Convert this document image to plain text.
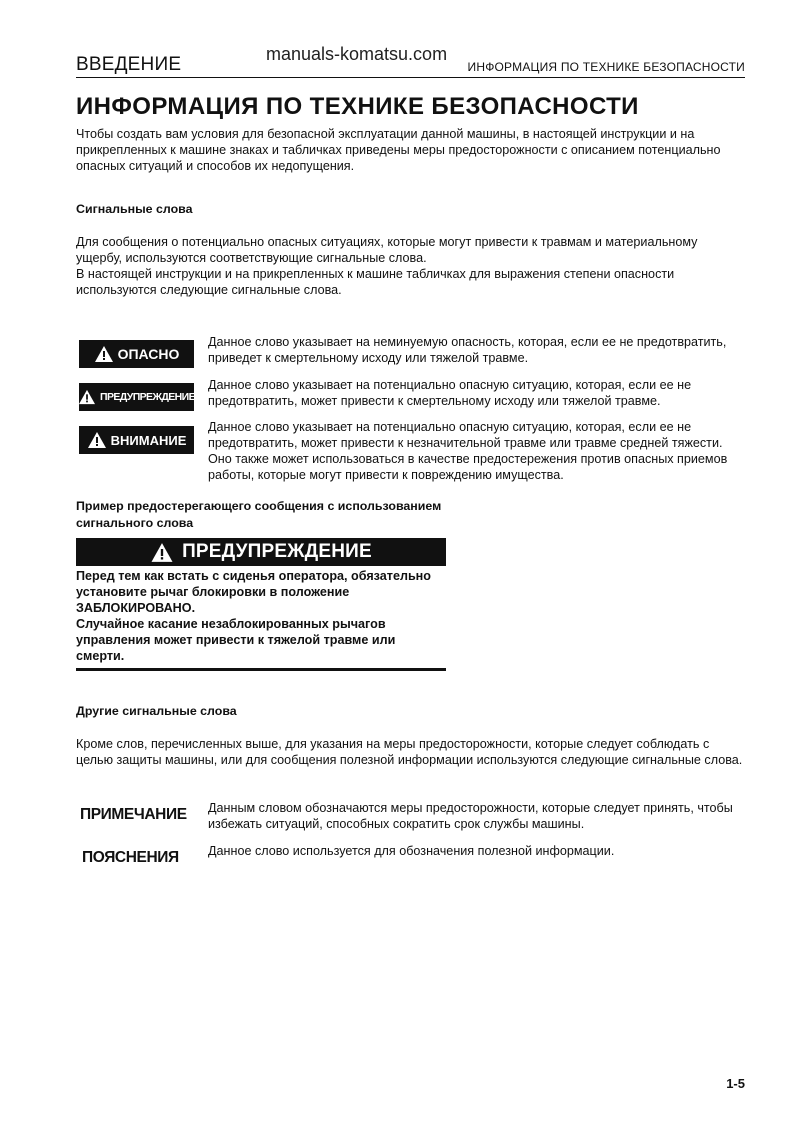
ВВЕДЕНИЕ	manuals-komatsu.com
ИНФОРМАЦИЯ ПО ТЕХНИКЕ БЕЗОПАСНОСТИ
ИНФОРМАЦИЯ ПО ТЕХНИКЕ БЕЗОПАСНОСТИ

Чтобы создать вам условия для безопасной эксплуатации данной машины, в настоящей инструкции и на прикрепленных к машине знаках и табличках приведены меры предосторожности с описанием потенциально опасных ситуаций и способов их недопущения.

Сигнальные слова

Для сообщения о потенциально опасных ситуациях, которые могут привести к травмам и материальному ущербу, используются соответствующие сигнальные слова.

В настоящей инструкции и на прикрепленных к машине табличках для выражения степени опасности используются следующие сигнальные слова.

ОПАСНО

Данное слово указывает на неминуемую опасность, которая, если ее не предотвратить, приведет к смертельному исходу или тяжелой травме.

ПРЕДУПРЕЖДЕНИЕ

Данное слово указывает на потенциально опасную ситуацию, которая, если ее не предотвратить, может привести к смертельному исходу или тяжелой травме.

ВНИМАНИЕ

Данное слово указывает на потенциально опасную ситуацию, которая, если ее не предотвратить, может привести к незначительной травме или травме средней тяжести. Оно также может использоваться в качестве предостережения против опасных приемов работы, которые могут привести к повреждению имущества.

Пример предостерегающего сообщения с использованием сигнального слова

ПРЕДУПРЕЖДЕНИЕ

Перед тем как встать с сиденья оператора, обязательно установите рычаг блокировки в положение ЗАБЛОКИРОВАНО.

Случайное касание незаблокированных рычагов управления может привести к тяжелой травме или смерти.

Другие сигнальные слова

Кроме слов, перечисленных выше, для указания на меры предосторожности, которые следует соблюдать с целью защиты машины, или для сообщения полезной информации используются следующие сигнальные слова.

ПРИМЕЧАНИЕ Данным словом обозначаются меры предосторожности, которые следует принять, чтобы избежать ситуаций, способных сократить срок службы машины.

ПОЯСНЕНИЯ Данное слово используется для обозначения полезной информации.

1-5
